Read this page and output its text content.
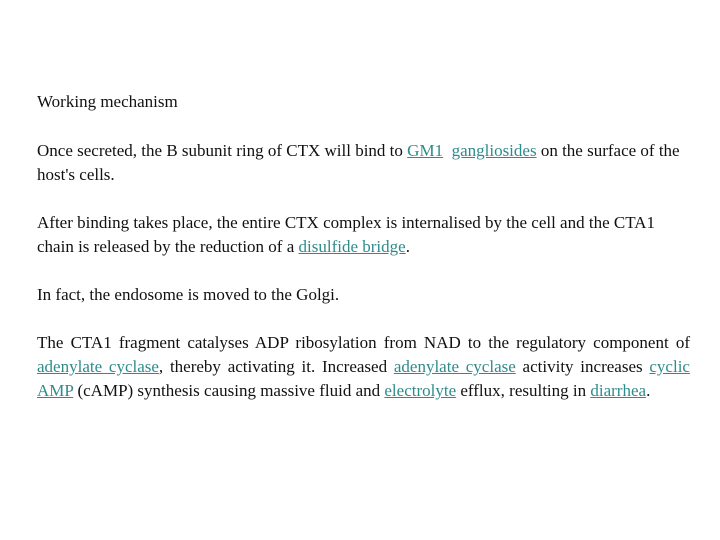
Working mechanism

Once secreted, the B subunit ring of CTX will bind to GM1 gangliosides on the surface of the host's cells.

After binding takes place, the entire CTX complex is internalised by the cell and the CTA1 chain is released by the reduction of a disulfide bridge.

In fact, the endosome is moved to the Golgi.

The CTA1 fragment catalyses ADP ribosylation from NAD to the regulatory component of adenylate cyclase, thereby activating it. Increased adenylate cyclase activity increases cyclic AMP (cAMP) synthesis causing massive fluid and electrolyte efflux, resulting in diarrhea.
